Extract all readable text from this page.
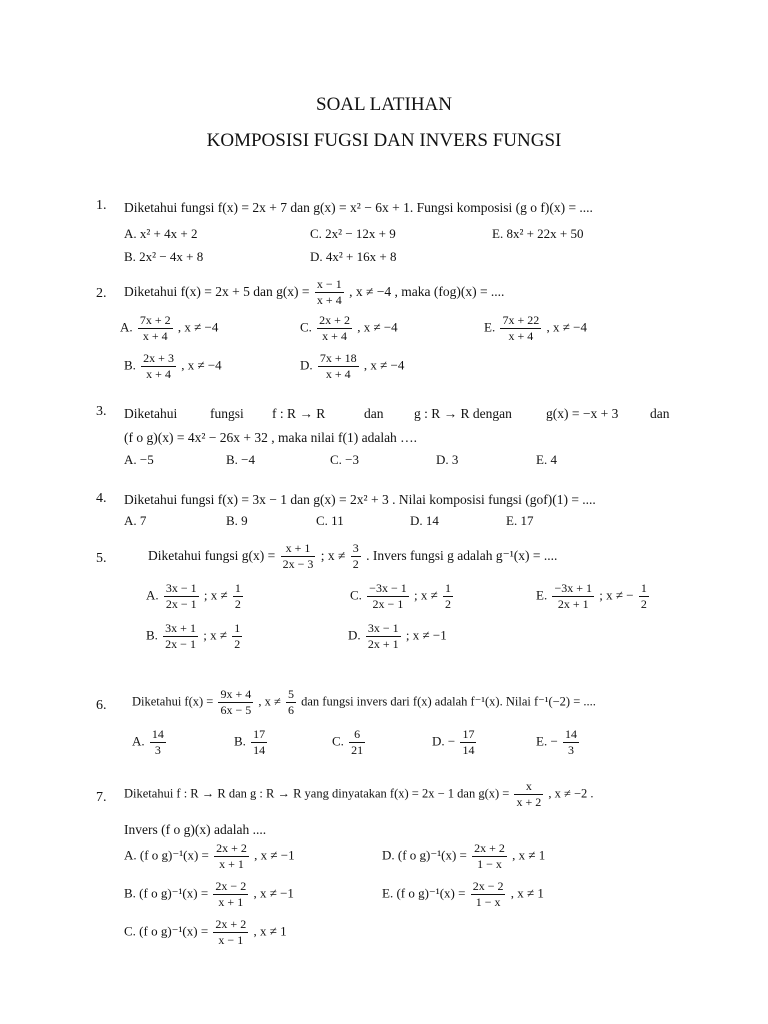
SOAL LATIHAN
KOMPOSISI FUGSI DAN INVERS FUNGSI
1. Diketahui fungsi f(x) = 2x + 7 dan g(x) = x² − 6x + 1. Fungsi komposisi (g o f)(x) = ....
A. x² + 4x + 2	C. 2x² − 12x + 9	E. 8x² + 22x + 50
B. 2x² − 4x + 8	D. 4x² + 16x + 8
2. Diketahui f(x) = 2x + 5 dan $g(x) = \frac{x - 1}{x + 4}$ , x ≠ −4 , maka (fog)(x) = ....
A. $\frac{7x + 2}{x + 4}$ , x ≠ −4	C. $\frac{2x + 2}{x + 4}$ , x ≠ −4	E. $\frac{7x + 22}{x + 4}$ , x ≠ −4
B. $\frac{2x + 3}{x + 4}$ , x ≠ −4	D. $\frac{7x + 18}{x + 4}$ , x ≠ −4
3. Diketahui fungsi f : R → R	dan g : R → R dengan	g(x) = −x + 3 dan
(f o g)(x) = 4x² − 26x + 32 , maka nilai f(1) adalah ….
A. −5	B. −4	C. −3	D. 3	E. 4
4. Diketahui fungsi f(x) = 3x − 1 dan g(x) = 2x² + 3 . Nilai komposisi fungsi (gof)(1) = ....
A. 7	B. 9	C. 11	D. 14	E. 17
5.	Diketahui fungsi $g(x) = \frac{x + 1}{2x - 3}$ ; $x \ne \frac{3}{2}$ . Invers fungsi g adalah g⁻¹(x) = ....
A. $\frac{3x - 1}{2x - 1}$ ; $x \ne \frac{1}{2}$	C. $\frac{-3x - 1}{2x - 1}$ ; $x \ne \frac{1}{2}$	E. $\frac{-3x + 1}{2x + 1}$ ; x ≠ − $\frac{1}{2}$
B. $\frac{3x + 1}{2x - 1}$ ; $x \ne \frac{1}{2}$	D. $\frac{3x - 1}{2x + 1}$ ; x ≠ −1
6. Diketahui $f(x) = \frac{9x + 4}{6x - 5}$ , $x \ne \frac{5}{6}$ dan fungsi invers dari f(x) adalah f⁻¹(x). Nilai f⁻¹(−2) = ....
A. $\frac{14}{3}$	B. $\frac{17}{14}$	C. $\frac{6}{21}$	D. − $\frac{17}{14}$	E. − $\frac{14}{3}$
7. Diketahui f : R → R dan g : R → R yang dinyatakan f(x) = 2x − 1 dan $g(x) = \frac{x}{x + 2}$ , x ≠ −2 .
Invers (f o g)(x) adalah ....
A. (f o $g)^{-1}(x) = \frac{2x + 2}{x + 1}$ , x ≠ −1	D. (f o $g)^{-1}(x) = \frac{2x + 2}{1 - x}$ , x ≠ 1
B. (f o $g)^{-1}(x) = \frac{2x - 2}{x + 1}$ , x ≠ −1	E. (f o $g)^{-1}(x) = \frac{2x - 2}{1 - x}$ , x ≠ 1
C. (f o $g)^{-1}(x) = \frac{2x + 2}{x - 1}$ , x ≠ 1
